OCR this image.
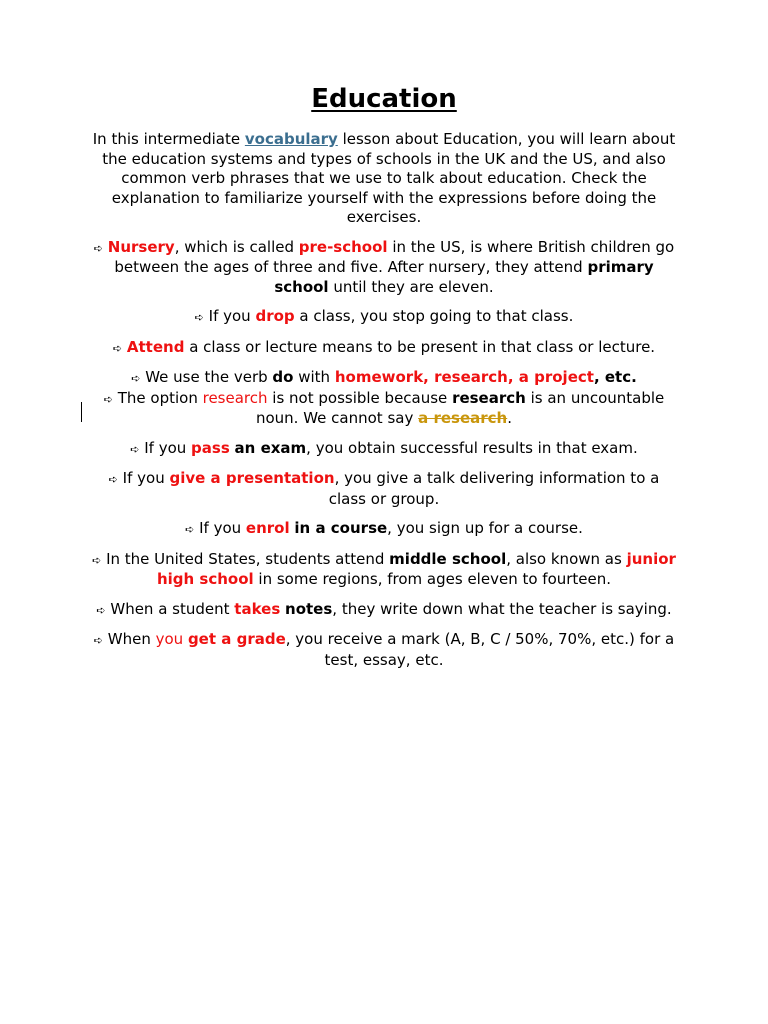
Education

In this intermediate vocabulary lesson about Education, you will learn about the education systems and types of schools in the UK and the US, and also common verb phrases that we use to talk about education. Check the explanation to familiarize yourself with the expressions before doing the exercises.

➪ Nursery, which is called pre-school in the US, is where British children go between the ages of three and five. After nursery, they attend primary school until they are eleven.

➪ If you drop a class, you stop going to that class.

➪ Attend a class or lecture means to be present in that class or lecture.

➪ We use the verb do with homework, research, a project, etc.

➪ The option research is not possible because research is an uncountable noun. We cannot say a research.

➪ If you pass an exam, you obtain successful results in that exam.

➪ If you give a presentation, you give a talk delivering information to a class or group.

➪ If you enrol in a course, you sign up for a course.

➪ In the United States, students attend middle school, also known as junior high school in some regions, from ages eleven to fourteen.

➪ When a student takes notes, they write down what the teacher is saying.

➪ When you get a grade, you receive a mark (A, B, C / 50%, 70%, etc.) for a test, essay, etc.
